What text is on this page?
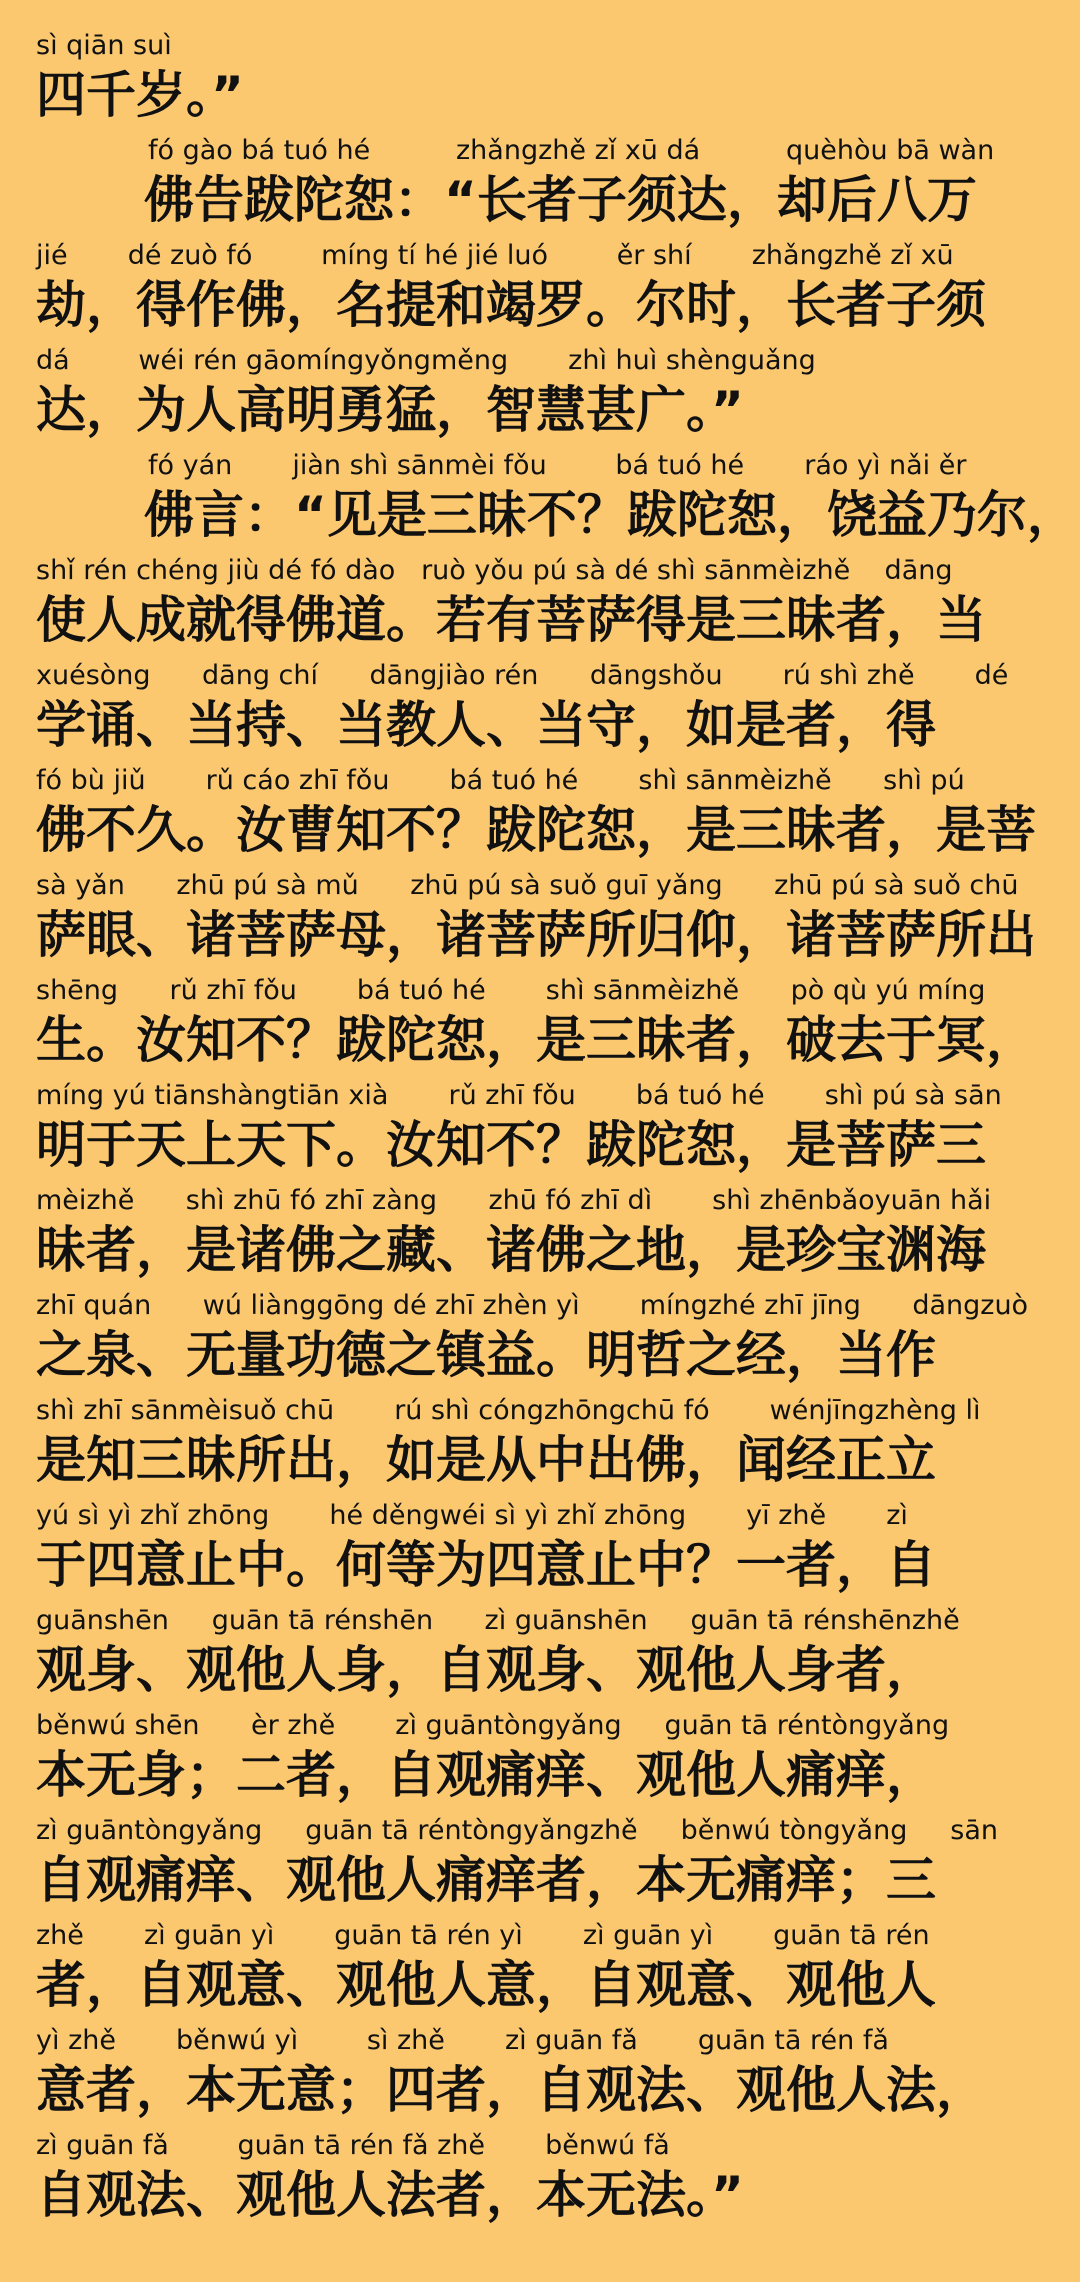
sì qiān suì
四千岁。”
fó gào bá tuó hé          zhǎngzhě zǐ xū dá          quèhòu bā wàn
佛告跋陀恕：“长者子须达，却后八万
jié       dé zuò fó        míng tí hé jié luó        ěr shí       zhǎngzhě zǐ xū
劫，得作佛，名提和竭罗。尔时，长者子须
dá        wéi rén gāomíngyǒngměng       zhì huì shènguǎng
达，为人高明勇猛，智慧甚广。”
fó yán       jiàn shì sānmèi fǒu        bá tuó hé       ráo yì nǎi ěr
佛言：“见是三昧不？跋陀恕，饶益乃尔，
shǐ rén chéng jiù dé fó dào   ruò yǒu pú sà dé shì sānmèizhě    dāng
使人成就得佛道。若有菩萨得是三昧者，当
xuésòng      dāng chí      dāngjiào rén      dāngshǒu       rú shì zhě       dé
学诵、当持、当教人、当守，如是者，得
fó bù jiǔ       rǔ cáo zhī fǒu       bá tuó hé       shì sānmèizhě      shì pú
佛不久。汝曹知不？跋陀恕，是三昧者，是菩
sà yǎn      zhū pú sà mǔ      zhū pú sà suǒ guī yǎng      zhū pú sà suǒ chū
萨眼、诸菩萨母，诸菩萨所归仰，诸菩萨所出
shēng      rǔ zhī fǒu       bá tuó hé       shì sānmèizhě      pò qù yú míng
生。汝知不？跋陀恕，是三昧者，破去于冥，
míng yú tiānshàngtiān xià       rǔ zhī fǒu       bá tuó hé       shì pú sà sān
明于天上天下。汝知不？跋陀恕，是菩萨三
mèizhě      shì zhū fó zhī zàng      zhū fó zhī dì       shì zhēnbǎoyuān hǎi
昧者，是诸佛之藏、诸佛之地，是珍宝渊海
zhī quán      wú liànggōng dé zhī zhèn yì       míngzhé zhī jīng      dāngzuò
之泉、无量功德之镇益。明哲之经，当作
shì zhī sānmèisuǒ chū       rú shì cóngzhōngchū fó       wénjīngzhèng lì
是知三昧所出，如是从中出佛，闻经正立
yú sì yì zhǐ zhōng       hé děngwéi sì yì zhǐ zhōng       yī zhě       zì
于四意止中。何等为四意止中？一者，自
guānshēn     guān tā rénshēn      zì guānshēn     guān tā rénshēnzhě
观身、观他人身，自观身、观他人身者，
běnwú shēn      èr zhě       zì guāntòngyǎng     guān tā réntòngyǎng
本无身；二者，自观痛痒、观他人痛痒，
zì guāntòngyǎng     guān tā réntòngyǎngzhě     běnwú tòngyǎng     sān
自观痛痒、观他人痛痒者，本无痛痒；三
zhě       zì guān yì       guān tā rén yì       zì guān yì       guān tā rén
者，自观意、观他人意，自观意、观他人
yì zhě       běnwú yì        sì zhě       zì guān fǎ       guān tā rén fǎ
意者，本无意；四者，自观法、观他人法，
zì guān fǎ        guān tā rén fǎ zhě       běnwú fǎ
自观法、观他人法者，本无法。”
